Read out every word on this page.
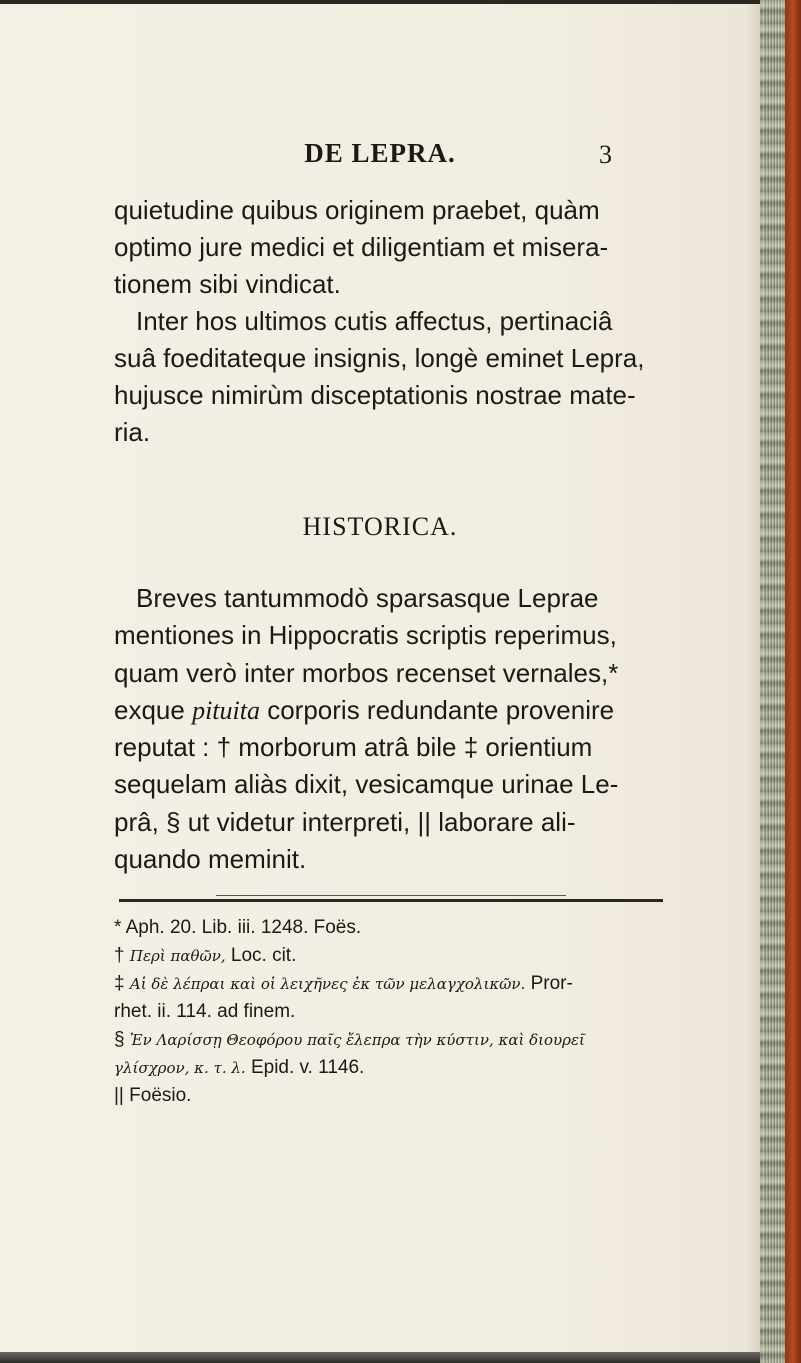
DE LEPRA.	3

quietudine quibus originem praebet, quàm
optimo jure medici et diligentiam et misera-
tionem sibi vindicat.

Inter hos ultimos cutis affectus, pertinaciâ
suâ foeditateque insignis, longè eminet Lepra,
hujusce nimirùm disceptationis nostrae mate-
ria.

HISTORICA.

Breves tantummodò sparsasque Leprae
mentiones in Hippocratis scriptis reperimus,
quam verò inter morbos recenset vernales,*
exque pituita corporis redundante provenire
reputat : † morborum atrâ bile ‡ orientium
sequelam aliàs dixit, vesicamque urinae Le-
prâ, § ut videtur interpreti, || laborare ali-
quando meminit.

* Aph. 20. Lib. iii. 1248. Foës.

† Περὶ παθῶν, Loc. cit.

‡ Αἱ δὲ λέπραι καὶ οἱ λειχῆνες ἐκ τῶν μελαγχολικῶν. Pror-
rhet. ii. 114. ad finem.

§ Ἐν Λαρίσσῃ Θεοφόρου παῖς ἔλεπρα τὴν κύστιν, καὶ διουρεῖ
γλίσχρον, κ. τ. λ. Epid. v. 1146.

|| Foësio.
